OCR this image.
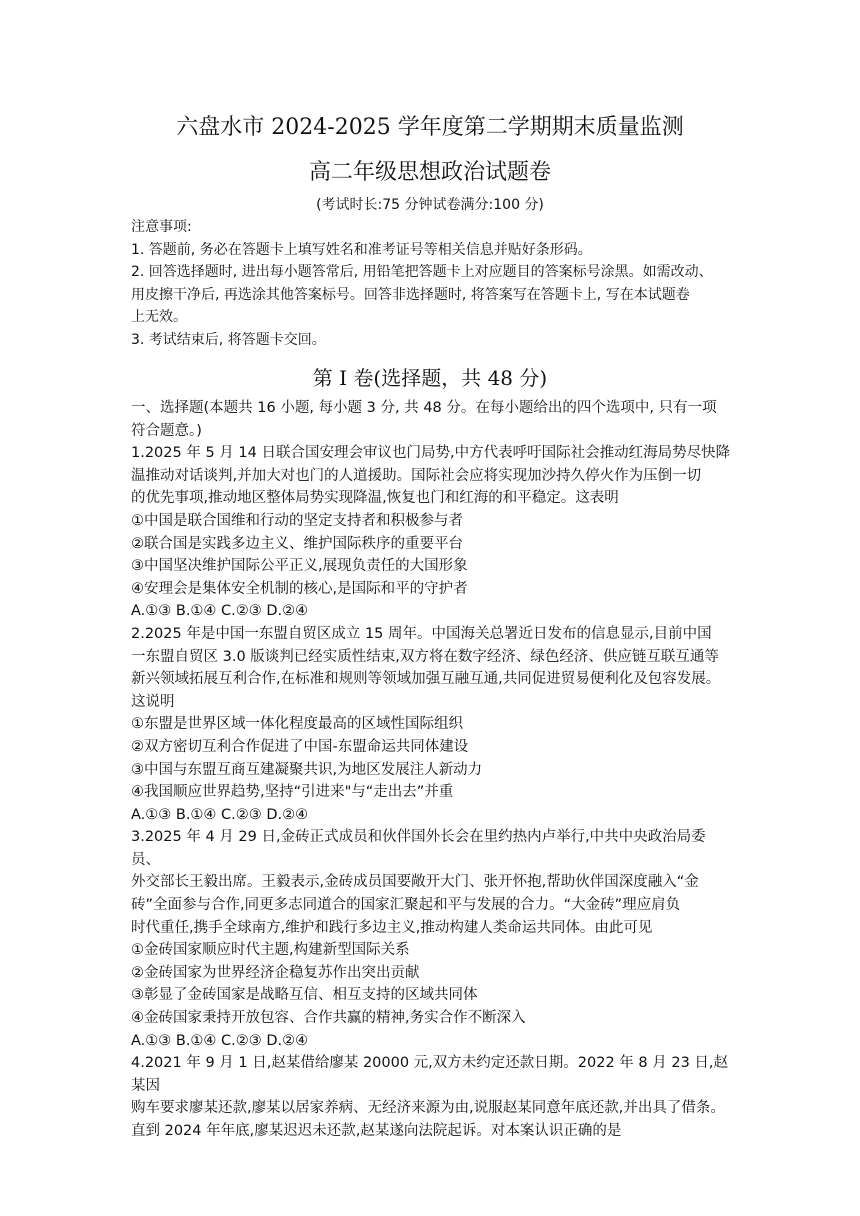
六盘水市 2024-2025 学年度第二学期期末质量监测
高二年级思想政治试题卷
(考试时长:75 分钟试卷满分:100 分)
注意事项:
1. 答题前, 务必在答题卡上填写姓名和准考证号等相关信息并贴好条形码。
2. 回答选择题时, 进出每小题答常后, 用铅笔把答题卡上对应题目的答案标号涂黑。如需改动、
用皮擦干净后, 再选涂其他答案标号。回答非选择题时, 将答案写在答题卡上, 写在本试题卷
上无效。
3. 考试结束后, 将答题卡交回。
第 I 卷(选择题，共 48 分)

一、选择题(本题共 16 小题, 每小题 3 分, 共 48 分。在每小题给出的四个选项中, 只有一项

符合题意。)

1.2025 年 5 月 14 日联合国安理会审议也门局势,中方代表呼吁国际社会推动红海局势尽快降

温推动对话谈判,并加大对也门的人道援助。国际社会应将实现加沙持久停火作为压倒一切

的优先事项,推动地区整体局势实现降温,恢复也门和红海的和平稳定。这表明

①中国是联合国维和行动的坚定支持者和积极参与者

②联合国是实践多边主义、维护国际秩序的重要平台

③中国坚决维护国际公平正义,展现负责任的大国形象

④安理会是集体安全机制的核心,是国际和平的守护者

A.①③ B.①④ C.②③ D.②④

2.2025 年是中国一东盟自贸区成立 15 周年。中国海关总署近日发布的信息显示,目前中国

一东盟自贸区 3.0 版谈判已经实质性结束,双方将在数字经济、绿色经济、供应链互联互通等

新兴领域拓展互利合作,在标准和规则等领域加强互融互通,共同促进贸易便利化及包容发展。

这说明

①东盟是世界区域一体化程度最高的区域性国际组织

②双方密切互利合作促进了中国-东盟命运共同体建设

③中国与东盟互商互建凝聚共识,为地区发展注人新动力

④我国顺应世界趋势,坚持“引进来"与“走出去”并重

A.①③ B.①④ C.②③ D.②④

3.2025 年 4 月 29 日,金砖正式成员和伙伴国外长会在里约热内卢举行,中共中央政治局委员、

外交部长王毅出席。王毅表示,金砖成员国要敞开大门、张开怀抱,帮助伙伴国深度融入“金

砖”全面参与合作,同更多志同道合的国家汇聚起和平与发展的合力。“大金砖”理应肩负

时代重任,携手全球南方,维护和践行多边主义,推动构建人类命运共同体。由此可见

①金砖国家顺应时代主题,构建新型国际关系

②金砖国家为世界经济企稳复苏作出突出贡献

③彰显了金砖国家是战略互信、相互支持的区域共同体

④金砖国家秉持开放包容、合作共赢的精神,务实合作不断深入

A.①③ B.①④ C.②③ D.②④

4.2021 年 9 月 1 日,赵某借给廖某 20000 元,双方未约定还款日期。2022 年 8 月 23 日,赵某因

购车要求廖某还款,廖某以居家养病、无经济来源为由,说服赵某同意年底还款,并出具了借条。

直到 2024 年年底,廖某迟迟未还款,赵某遂向法院起诉。对本案认识正确的是
